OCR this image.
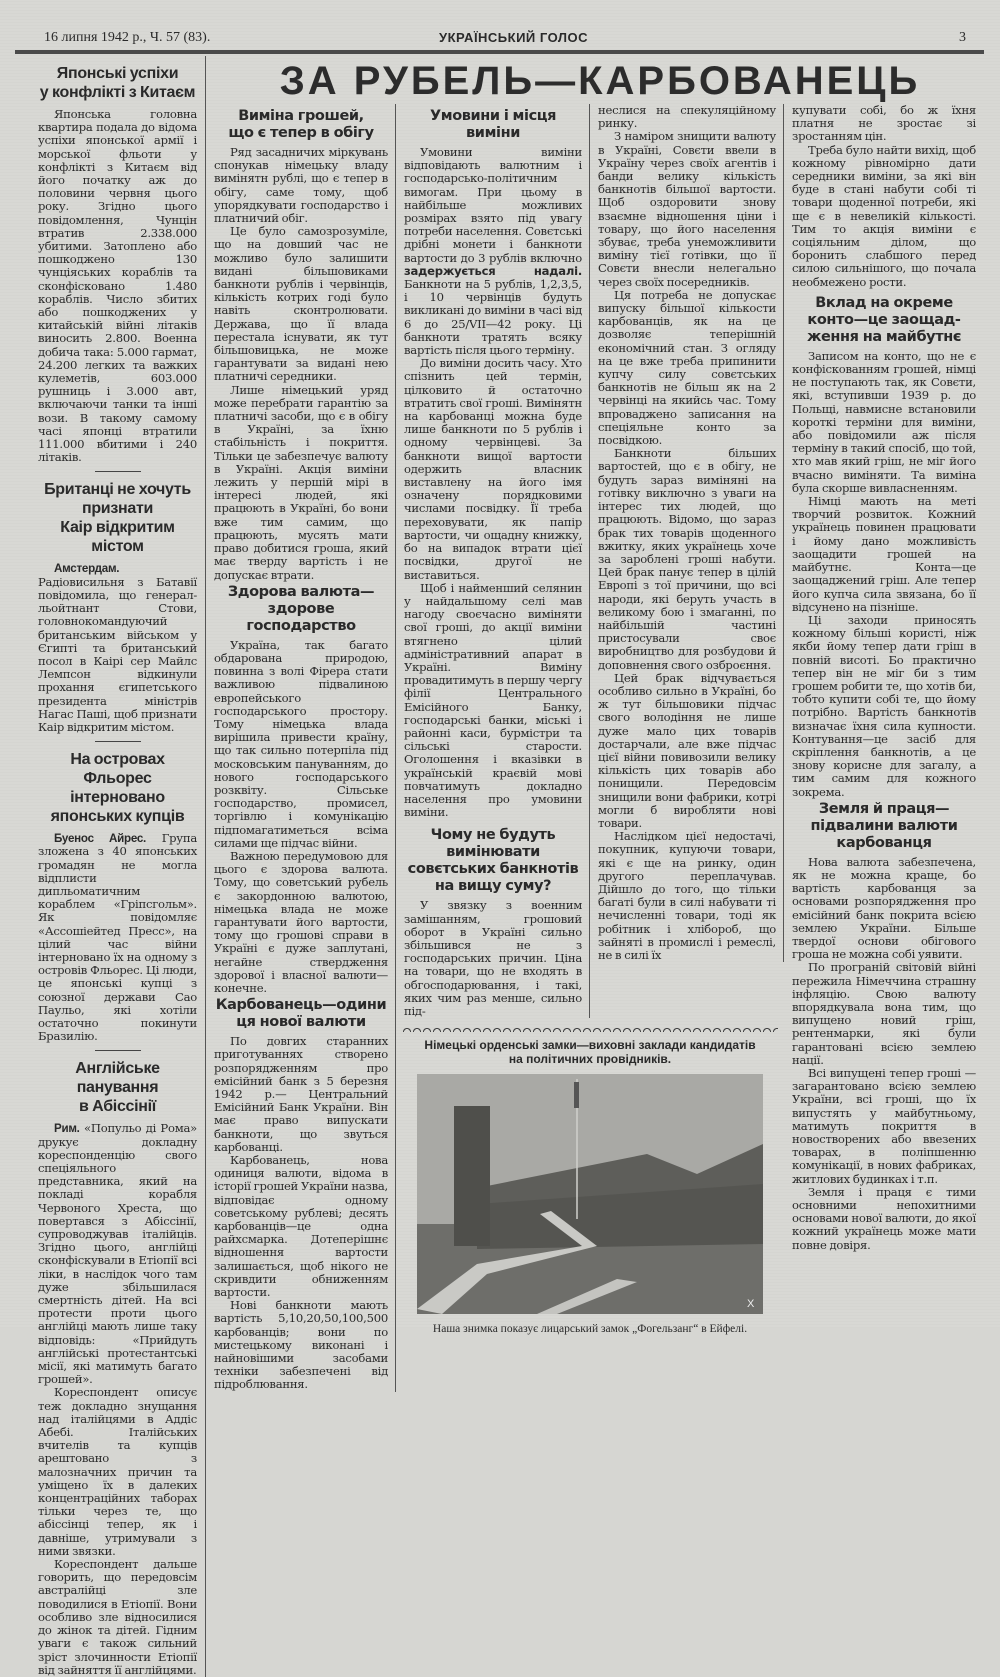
16 липня 1942 р., Ч. 57 (83).	УКРАЇНСЬКИЙ ГОЛОС	3
ЗА РУБЕЛЬ—КАРБОВАНЕЦЬ
Японські успіхи
у конфлікті з Китаєм

Японська головна квартира подала до відома успіхи японської армії і морської фльоти у конфлікті з Китаєм від його початку аж до половини червня цього року. Згідно цього повідомлення, Чунцін втратив 2.338.000 убитими. Затоплено або пошкоджено 130 чунціяських кораблів та сконфісковано 1.480 кораблів. Число збитих або пошкоджених у китайській війні літаків виносить 2.800. Военна добича така: 5.000 гармат, 24.200 легких та важких кулеметів, 603.000 рушниць і 3.000 авт, включаючи танки та інші вози. В такому самому часі японці втратили 111.000 вбитими і 240 літаків.

Британці не хочуть признати
Каір відкритим містом

Амстердам. Радіовисильня з Батавії повідомила, що генерал-льойтнант Стови, головнокомандуючий британським військом у Єгипті та британський посол в Каірі сер Майлс Лемпсон відкинули прохання єгипетського президента міністрів Нагас Паші, щоб признати Каір відкритим містом.

На островах Фльорес
інтерновано японських купців

Буенос Айрес. Група зложена з 40 японських громадян не могла відплисти дипльоматичним кораблем «Гріпсгольм». Як повідомляє «Ассошіейтед Пресс», на цілий час війни інтерновано їх на одному з островів Фльорес. Ці люди, це японські купці з союзної держави Сао Паульо, які хотіли остаточно покинути Бразилію.

Англійське панування
в Абіссінії

Рим. «Попульо ді Рома» друкує докладну кореспонденцію свого спеціяльного представника, який на покладі корабля Червоного Хреста, що повертався з Абіссінії, супроводжував італійців. Згідно цього, англійці сконфіскували в Етіопії всі ліки, в наслідок чого там дуже збільшилася смертність дітей. На всі протести проти цього англійці мають лише таку відповідь: «Прийдуть англійські протестантські місії, які матимуть багато грошей».

Кореспондент описує теж докладно знущання над італійцями в Аддіс Абебі. Італійських вчителів та купців арештовано з малозначних причин та уміщено їх в далеких концентраційних таборах тільки через те, що абіссінці тепер, як і давніше, утримували з ними звязки.

Кореспондент дальше говорить, що передовсім австралійці зле поводилися в Етіопії. Вони особливо зле відносилися до жінок та дітей. Гідним уваги є також сильний зріст злочинности Етіопії від зайняття її англійцями.

Виміна грошей,
що є тепер в обігу

Ряд засадничих міркувань спонукав німецьку владу вимінятн рублі, що є тепер в обігу, саме тому, щоб упорядкувати господарство і платничий обіг.

Це було самозрозуміле, що на довший час не можливо було залишити видані більшовиками банкноти рублів і червінців, кількість котрих годі було навіть сконтролювати. Держава, що її влада перестала існувати, як тут більшовицька, не може гарантувати за видані нею платничі середники.

Лише німецький уряд може перебрати гарантію за платничі засоби, що є в обігу в Україні, за їхню стабільність і покриття. Тільки це забезпечує валюту в Україні. Акція виміни лежить у першій мірі в інтересі людей, які працюють в Україні, бо вони вже тим самим, що працюють, мусять мати право добитися гроша, який має тверду вартість і не допускає втрати.

Здорова валюта—
здорове господарство

Україна, так багато обдарована природою, повинна з волі Фірера стати важливою підвалиною европейського господарського простору. Тому німецька влада вирішила привести країну, що так сильно потерпіла під московським пануванням, до нового господарського розквіту. Сільське господарство, промисел, торгівлю і комунікацію підпомагатиметься всіма силами ще підчас війни.

Важною передумовою для цього є здорова валюта. Тому, що советський рубель є закордонною валютою, німецька влада не може гарантувати його вартости, тому що грошові справи в Україні є дуже заплутані, негайне ствердження здорової і власної валюти—конечне.

Карбованець—одини
ця нової валюти

По довгих старанних приготуваннях створено розпорядженням про емісійний банк з 5 березня 1942 р.— Центральний Емісійний Банк України. Він має право випускати банкноти, що звуться карбованці.

Карбованець, нова одиниця валюти, відома в історії грошей України назва, відповідає одному советському рублеві; десять карбованців—це одна райхсмарка. Дотеперішнє відношення вартости залишається, щоб нікого не скривдити обниженням вартости.

Нові банкноти мають вартість 5,10,20,50,100,500 карбованців; вони по мистецькому виконані і найновішими засобами техніки забезпечені від підроблювання.

Умовини і місця
виміни

Умовини виміни відповідають валютним і господарсько-політичним вимогам. При цьому в найбільше можливих розмірах взято під увагу потреби населення. Совєтські дрібні монети і банкноти вартости до 3 рублів включно задержується надалі. Банкноти на 5 рублів, 1,2,3,5, і 10 червінців будуть викликані до виміни в часі від 6 до 25/VII—42 року. Ці банкноти тратять всяку вартість після цього терміну.

До виміни досить часу. Хто спізнить цей термін, цілковито й остаточно втратить свої гроші. Вимінятн на карбованці можна буде лише банкноти по 5 рублів і одному червінцеві. За банкноти вищої вартости одержить власник виставлену на його імя означену порядковими числами посвідку. Її треба переховувати, як папір вартости, чи ощадну книжку, бо на випадок втрати цієї посвідки, другої не виставиться.

Щоб і найменший селянин у найдальшому селі мав нагоду своєчасно виміняти свої гроші, до акції виміни втягнено цілий адміністративний апарат в Україні. Виміну провадитимуть в першу чергу філії Центрального Емісійного Банку, господарські банки, міські і районні каси, бурмістри та сільські старости. Оголошення і вказівки в українській краєвій мові повчатимуть докладно населення про умовини виміни.

Чому не будуть
вимінювати
совєтських банкнотів
на вищу суму?

У звязку з военним замішанням, грошовий оборот в Україні сильно збільшився не з господарських причин. Ціна на товари, що не входять в обгосподарювання, і такі, яких чим раз менше, сильно під-

неслися на спекуляційному ринку.

З наміром знищити валюту в Україні, Совєти ввели в Україну через своїх агентів і банди велику кількість банкнотів більшої вартости. Щоб оздоровити знову взаємне відношення ціни і товару, що його населення збуває, треба унеможливити виміну тієї готівки, що її Совєти внесли нелегально через своїх посередників.

Ця потреба не допускає випуску більшої кількости карбованців, як на це дозволяє теперішній економічний стан. З огляду на це вже треба припинити купчу силу совєтських банкнотів не більш як на 2 червінці на якийсь час. Тому впроваджено записання на спеціяльне конто за посвідкою.

Банкноти більших вартостей, що є в обігу, не будуть зараз виміняні на готівку виключно з уваги на інтерес тих людей, що працюють. Відомо, що зараз брак тих товарів щоденного вжитку, яких українець хоче за зароблені гроші набути. Цей брак панує тепер в цілій Европі з тої причини, що всі народи, які беруть участь в великому бою і змаганні, по найбільшій частині пристосували своє виробництво для розбудови й доповнення свого озброєння.

Цей брак відчувається особливо сильно в Україні, бо ж тут більшовики підчас свого володіння не лише дуже мало цих товарів достарчали, але вже підчас цієї війни повивозили велику кількість цих товарів або понищили. Передовсім знищили вони фабрики, котрі могли б виробляти нові товари.

Наслідком цієї недостачі, покупник, купуючи товари, які є ще на ринку, один другого переплачував. Дійшло до того, що тільки багаті були в силі набувати ті нечисленні товари, тоді як робітник і хлібороб, що зайняті в промислі і ремеслі, не в силі їх

Німецькі орденські замки—виховні заклади кандидатів
на політичних провідників.
X
Наша знимка показує лицарський замок „Фогельзанг“ в Ейфелі.

купувати собі, бо ж їхня платня не зростає зі зростанням цін.

Треба було найти вихід, щоб кожному рівномірно дати середники виміни, за які він буде в стані набути собі ті товари щоденної потреби, які ще є в невеликій кількості. Тим то акція виміни є соціяльним ділом, що боронить слабшого перед силою сильнішого, що почала необмежено рости.

Вклад на окреме
конто—це заощад-
ження на майбутнє

Записом на конто, що не є конфіскованням грошей, німці не поступають так, як Совєти, які, вступивши 1939 р. до Польщі, навмисне встановили короткі терміни для виміни, або повідомили аж після терміну в такий спосіб, що той, хто мав який гріш, не міг його вчасно виміняти. Та виміна була скорше вивласненням.

Німці мають на меті творчий розвиток. Кожний українець повинен працювати і йому дано можливість заощадити грошей на майбутнє. Конта—це заощаджений гріш. Але тепер його купча сила звязана, бо її відсунено на пізніше.

Ці заходи приносять кожному більші користі, ніж якби йому тепер дати гріш в повній висоті. Бо практично тепер він не міг би з тим грошем робити те, що хотів би, тобто купити собі те, що йому потрібно. Вартість банкнотів визначає їхня сила купности. Контування—це засіб для скріплення банкнотів, а це знову корисне для загалу, а тим самим для кожного зокрема.

Земля й праця—
підвалини валюти
карбованця

Нова валюта забезпечена, як не можна краще, бо вартість карбованця за основами розпорядження про емісійний банк покрита всією землею України. Більше твердої основи обігового гроша не можна собі уявити.

По програній світовій війні пережила Німеччина страшну інфляцію. Свою валюту впорядкувала вона тим, що випущено новий гріш, рентенмарки, які були гарантовані всією землею нації.

Всі випущені тепер гроші — загарантовано всією землею України, всі гроші, що їх випустять у майбутньому, матимуть покриття в новостворених або ввезених товарах, в поліпшенню комунікації, в нових фабриках, житлових будинках і т.п.

Земля і праця є тими основними непохитними основами нової валюти, до якої кожний українець може мати повне довіря.
